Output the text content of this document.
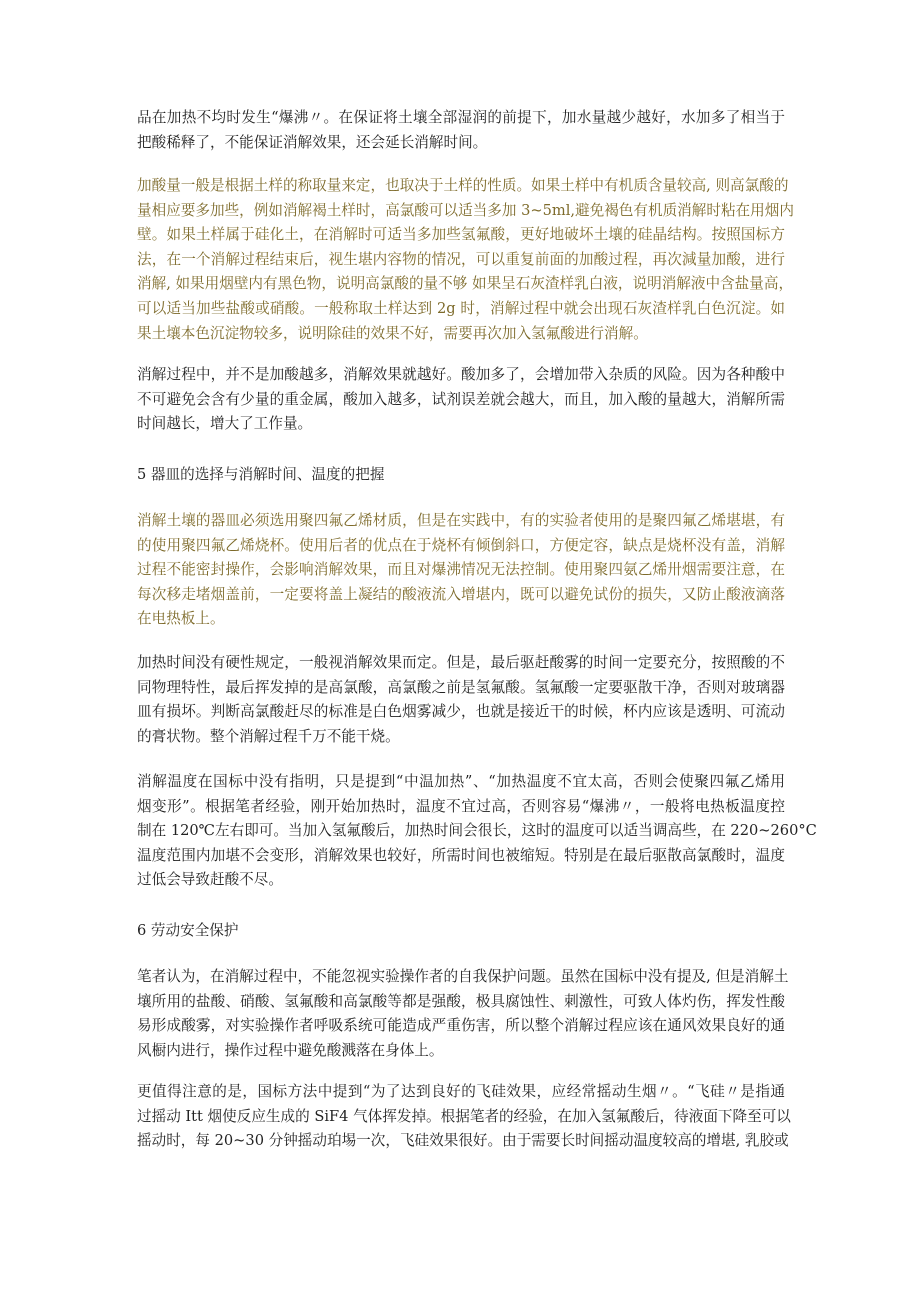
品在加热不均时发生“爆沸〃。在保证将土壤全部湿润的前提下，加水量越少越好，水加多了相当于
把酸稀释了，不能保证消解效果，还会延长消解时间。

加酸量一般是根据土样的称取量来定，也取决于土样的性质。如果土样中有机质含量较高, 则高氯酸的
量相应要多加些，例如消解褐土样时，高氯酸可以适当多加 3~5ml,避免褐色有机质消解时粘在用烟内
壁。如果土样属于硅化土，在消解时可适当多加些氢氟酸，更好地破坏土壤的硅晶结构。按照国标方
法，在一个消解过程结束后，视生堪内容物的情况，可以重复前面的加酸过程，再次減量加酸，进行
消解, 如果用烟壁内有黑色物，说明高氯酸的量不够 如果呈石灰渣样乳白液，说明消解液中含盐量高，
可以适当加些盐酸或硝酸。一般称取土样达到 2g 时，消解过程中就会出现石灰渣样乳白色沉淀。如
果土壤本色沉淀物较多，说明除硅的效果不好，需要再次加入氢氟酸进行消解。

消解过程中，并不是加酸越多，消解效果就越好。酸加多了，会增加带入杂质的风险。因为各种酸中
不可避免会含有少量的重金属，酸加入越多，试剂误差就会越大，而且，加入酸的量越大，消解所需
时间越长，增大了工作量。

5 器皿的选择与消解时间、温度的把握

消解土壤的器皿必须选用聚四氟乙烯材质，但是在实践中，有的实验者使用的是聚四氟乙烯堪堪，有
的使用聚四氟乙烯烧杯。使用后者的优点在于烧杯有倾倒斜口，方便定容，缺点是烧杯没有盖，消解
过程不能密封操作，会影响消解效果，而且对爆沸情况无法控制。使用聚四氨乙烯卅烟需要注意，在
每次移走堵烟盖前，一定要将盖上凝结的酸液流入增堪内，既可以避免试份的损失，又防止酸液滴落
在电热板上。

加热时间没有硬性规定，一般视消解效果而定。但是，最后驱赶酸雾的时间一定要充分，按照酸的不
同物理特性，最后挥发掉的是高氯酸，高氯酸之前是氢氟酸。氢氟酸一定要驱散干净，否则对玻璃器
皿有损坏。判断高氯酸赶尽的标准是白色烟雾减少，也就是接近干的时候，杯内应该是透明、可流动
的膏状物。整个消解过程千万不能干烧。

消解温度在国标中没有指明，只是提到“中温加热”、“加热温度不宜太高，否则会使聚四氟乙烯用
烟变形”。根据笔者经验，刚开始加热时，温度不宜过高，否则容易“爆沸〃，一般将电热板温度控
制在 120℃左右即可。当加入氢氟酸后，加热时间会很长，这时的温度可以适当调高些，在 220~260°C
温度范围内加堪不会变形，消解效果也较好，所需时间也被缩短。特别是在最后驱散高氯酸时，温度
过低会导致赶酸不尽。

6 劳动安全保护

笔者认为，在消解过程中，不能忽视实验操作者的自我保护问题。虽然在国标中没有提及, 但是消解土
壤所用的盐酸、硝酸、氢氟酸和高氯酸等都是强酸，极具腐蚀性、刺激性，可致人体灼伤，挥发性酸
易形成酸雾，对实验操作者呼吸系统可能造成严重伤害，所以整个消解过程应该在通风效果良好的通
风橱内进行，操作过程中避免酸溅落在身体上。

更值得注意的是，国标方法中提到“为了达到良好的飞硅效果，应经常摇动生烟〃。“飞硅〃是指通
过摇动 Itt 烟使反应生成的 SiF4 气体挥发掉。根据笔者的经验，在加入氢氟酸后，待液面下降至可以
摇动时，每 20~30 分钟摇动珀埸一次，飞硅效果很好。由于需要长时间摇动温度较高的增堪, 乳胶或
